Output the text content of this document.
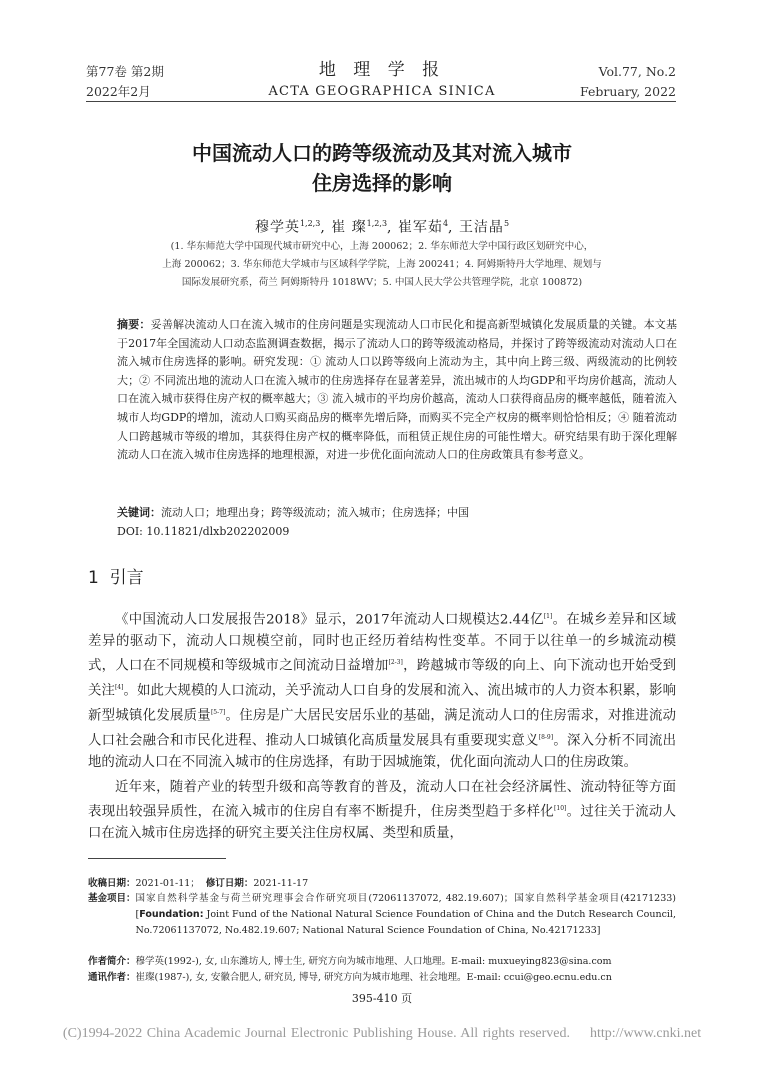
第77卷 第2期
2022年2月
地 理 学 报
ACTA GEOGRAPHICA SINICA
Vol.77, No.2
February, 2022
中国流动人口的跨等级流动及其对流入城市
住房选择的影响
穆学英$^{1,2,3}$, 崔 璨$^{1,2,3}$, 崔军茹$^4$, 王洁晶$^5$
(1. 华东师范大学中国现代城市研究中心，上海 200062；2. 华东师范大学中国行政区划研究中心，
上海 200062；3. 华东师范大学城市与区域科学学院，上海 200241；4. 阿姆斯特丹大学地理、规划与
国际发展研究系，荷兰 阿姆斯特丹 1018WV；5. 中国人民大学公共管理学院，北京 100872)
摘要：妥善解决流动人口在流入城市的住房问题是实现流动人口市民化和提高新型城镇化发展质量的关键。本文基于2017年全国流动人口动态监测调查数据，揭示了流动人口的跨等级流动格局，并探讨了跨等级流动对流动人口在流入城市住房选择的影响。研究发现：① 流动人口以跨等级向上流动为主，其中向上跨三级、两级流动的比例较大；② 不同流出地的流动人口在流入城市的住房选择存在显著差异，流出城市的人均GDP和平均房价越高，流动人口在流入城市获得住房产权的概率越大；③ 流入城市的平均房价越高，流动人口获得商品房的概率越低，随着流入城市人均GDP的增加，流动人口购买商品房的概率先增后降，而购买不完全产权房的概率则恰恰相反；④ 随着流动人口跨越城市等级的增加，其获得住房产权的概率降低，而租赁正规住房的可能性增大。研究结果有助于深化理解流动人口在流入城市住房选择的地理根源，对进一步优化面向流动人口的住房政策具有参考意义。
关键词：流动人口；地理出身；跨等级流动；流入城市；住房选择；中国
DOI: 10.11821/dlxb202202009
1 引言

《中国流动人口发展报告2018》显示，2017年流动人口规模达2.44亿[1]。在城乡差异和区域差异的驱动下，流动人口规模空前，同时也正经历着结构性变革。不同于以往单一的乡城流动模式，人口在不同规模和等级城市之间流动日益增加[2-3]，跨越城市等级的向上、向下流动也开始受到关注[4]。如此大规模的人口流动，关乎流动人口自身的发展和流入、流出城市的人力资本积累，影响新型城镇化发展质量[5-7]。住房是广大居民安居乐业的基础，满足流动人口的住房需求，对推进流动人口社会融合和市民化进程、推动人口城镇化高质量发展具有重要现实意义[8-9]。深入分析不同流出地的流动人口在不同流入城市的住房选择，有助于因城施策，优化面向流动人口的住房政策。

近年来，随着产业的转型升级和高等教育的普及，流动人口在社会经济属性、流动特征等方面表现出较强异质性，在流入城市的住房自有率不断提升，住房类型趋于多样化[10]。过往关于流动人口在流入城市住房选择的研究主要关注住房权属、类型和质量，

收稿日期：2021-01-11； 修订日期：2021-11-17
基金项目： 国家自然科学基金与荷兰研究理事会合作研究项目(72061137072, 482.19.607)；国家自然科学基金项目(42171233) [Foundation: Joint Fund of the National Natural Science Foundation of China and the Dutch Research Council, No.72061137072, No.482.19.607; National Natural Science Foundation of China, No.42171233]
作者简介： 穆学英(1992-), 女, 山东潍坊人, 博士生, 研究方向为城市地理、人口地理。E-mail: muxueying823@sina.com
通讯作者： 崔璨(1987-), 女, 安徽合肥人, 研究员, 博导, 研究方向为城市地理、社会地理。E-mail: ccui@geo.ecnu.edu.cn
395-410 页
(C)1994-2022 China Academic Journal Electronic Publishing House. All rights reserved. http://www.cnki.net
